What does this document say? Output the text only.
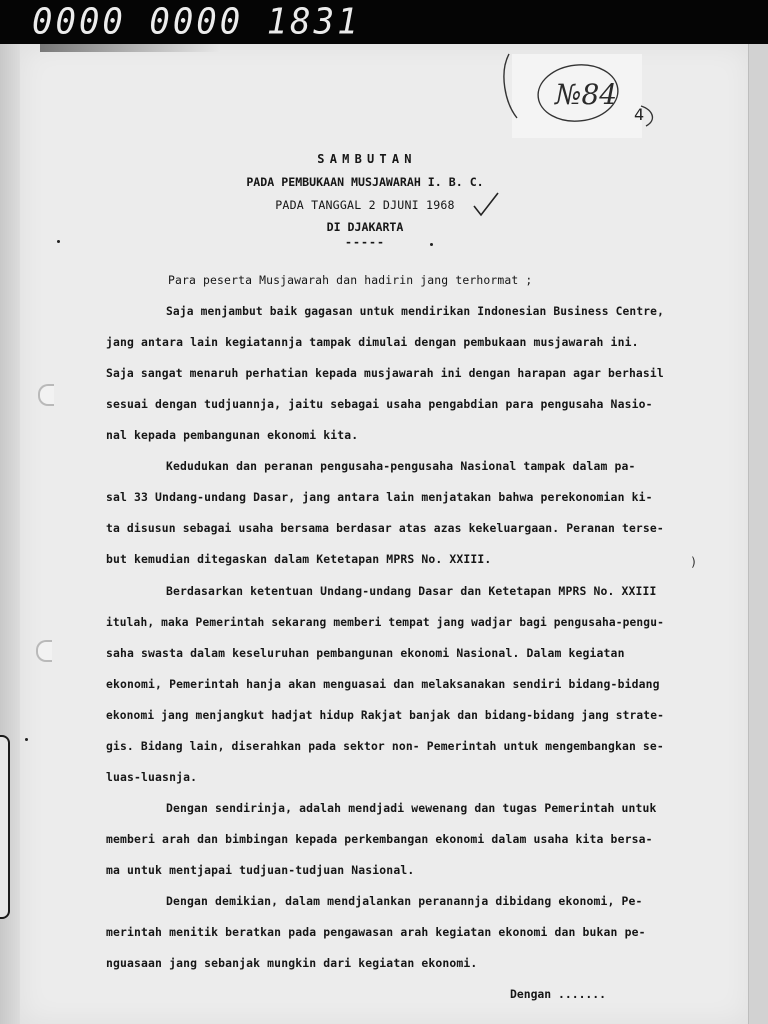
0000 0000 1831
№84
4
SAMBUTAN
PADA PEMBUKAAN MUSJAWARAH I. B. C.
PADA TANGGAL 2 DJUNI 1968
DI DJAKARTA
-----
Para peserta Musjawarah dan hadirin jang terhormat ;
Saja menjambut baik gagasan untuk mendirikan Indonesian Business Centre,
jang antara lain kegiatannja tampak dimulai dengan pembukaan musjawarah ini.
Saja sangat menaruh perhatian kepada musjawarah ini dengan harapan agar berhasil
sesuai dengan tudjuannja, jaitu sebagai usaha pengabdian para pengusaha Nasio-
nal kepada pembangunan ekonomi kita.
Kedudukan dan peranan pengusaha-pengusaha Nasional tampak dalam pa-
sal 33 Undang-undang Dasar, jang antara lain menjatakan bahwa perekonomian ki-
ta disusun sebagai usaha bersama berdasar atas azas kekeluargaan. Peranan terse-
but kemudian ditegaskan dalam Ketetapan MPRS No. XXIII.
Berdasarkan ketentuan Undang-undang Dasar dan Ketetapan MPRS No. XXIII
itulah, maka Pemerintah sekarang memberi tempat jang wadjar bagi pengusaha-pengu-
saha swasta dalam keseluruhan pembangunan ekonomi Nasional. Dalam kegiatan
ekonomi, Pemerintah hanja akan menguasai dan melaksanakan sendiri bidang-bidang
ekonomi jang menjangkut hadjat hidup Rakjat banjak dan bidang-bidang jang strate-
gis. Bidang lain, diserahkan pada sektor non- Pemerintah untuk mengembangkan se-
luas-luasnja.
Dengan sendirinja, adalah mendjadi wewenang dan tugas Pemerintah untuk
memberi arah dan bimbingan kepada perkembangan ekonomi dalam usaha kita bersa-
ma untuk mentjapai tudjuan-tudjuan Nasional.
Dengan demikian, dalam mendjalankan peranannja dibidang ekonomi, Pe-
merintah menitik beratkan pada pengawasan arah kegiatan ekonomi dan bukan pe-
nguasaan jang sebanjak mungkin dari kegiatan ekonomi.
)
Dengan .......
